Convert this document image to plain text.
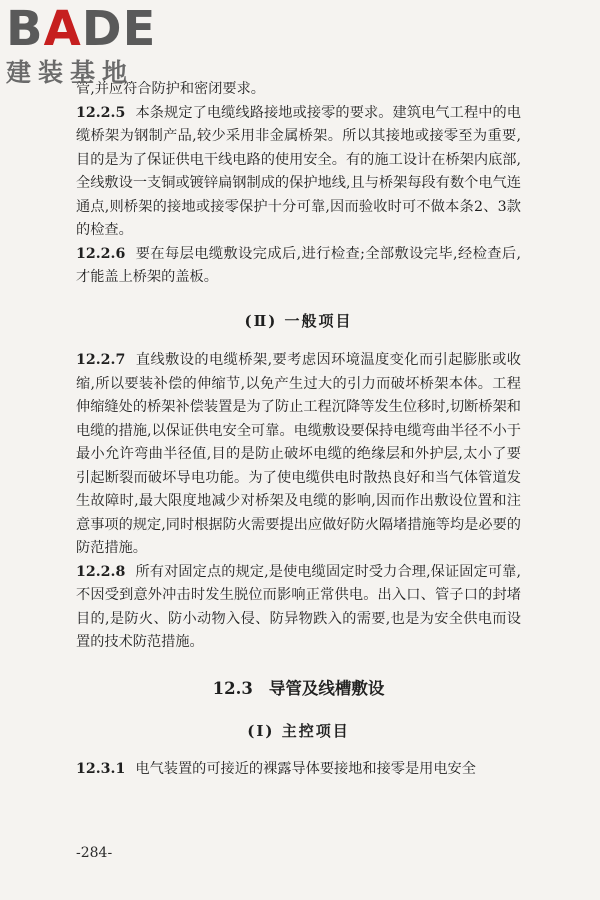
BADE
建装基地

管,并应符合防护和密闭要求。

12.2.5 本条规定了电缆线路接地或接零的要求。建筑电气工程中的电缆桥架为钢制产品,较少采用非金属桥架。所以其接地或接零至为重要,目的是为了保证供电干线电路的使用安全。有的施工设计在桥架内底部,全线敷设一支铜或镀锌扁钢制成的保护地线,且与桥架每段有数个电气连通点,则桥架的接地或接零保护十分可靠,因而验收时可不做本条2、3款的检查。

12.2.6 要在每层电缆敷设完成后,进行检查;全部敷设完毕,经检查后,才能盖上桥架的盖板。

(Ⅱ) 一般项目

12.2.7 直线敷设的电缆桥架,要考虑因环境温度变化而引起膨胀或收缩,所以要装补偿的伸缩节,以免产生过大的引力而破坏桥架本体。工程伸缩缝处的桥架补偿装置是为了防止工程沉降等发生位移时,切断桥架和电缆的措施,以保证供电安全可靠。电缆敷设要保持电缆弯曲半径不小于最小允许弯曲半径值,目的是防止破坏电缆的绝缘层和外护层,太小了要引起断裂而破坏导电功能。为了使电缆供电时散热良好和当气体管道发生故障时,最大限度地减少对桥架及电缆的影响,因而作出敷设位置和注意事项的规定,同时根据防火需要提出应做好防火隔堵措施等均是必要的防范措施。

12.2.8 所有对固定点的规定,是使电缆固定时受力合理,保证固定可靠,不因受到意外冲击时发生脱位而影响正常供电。出入口、管子口的封堵目的,是防火、防小动物入侵、防异物跌入的需要,也是为安全供电而设置的技术防范措施。

12.3 导管及线槽敷设
(Ⅰ) 主控项目

12.3.1 电气装置的可接近的裸露导体要接地和接零是用电安全

-284-
